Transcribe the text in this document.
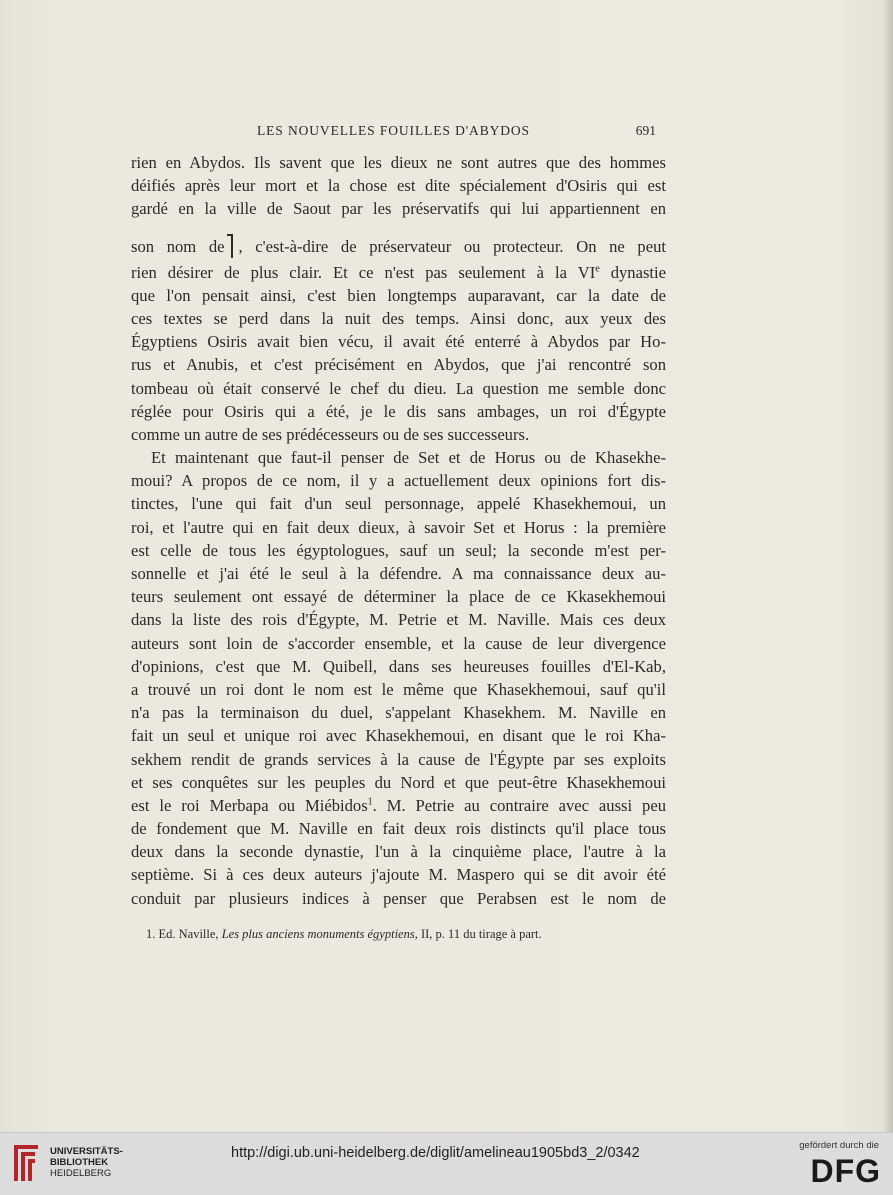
LES NOUVELLES FOUILLES D'ABYDOS	691
rien en Abydos. Ils savent que les dieux ne sont autres que des hommes
déifiés après leur mort et la chose est dite spécialement d'Osiris qui est
gardé en la ville de Saout par les préservatifs qui lui appartiennent en
son nom de , c'est-à-dire de préservateur ou protecteur. On ne peut
rien désirer de plus clair. Et ce n'est pas seulement à la VIe dynastie
que l'on pensait ainsi, c'est bien longtemps auparavant, car la date de
ces textes se perd dans la nuit des temps. Ainsi donc, aux yeux des
Égyptiens Osiris avait bien vécu, il avait été enterré à Abydos par Ho-
rus et Anubis, et c'est précisément en Abydos, que j'ai rencontré son
tombeau où était conservé le chef du dieu. La question me semble donc
réglée pour Osiris qui a été, je le dis sans ambages, un roi d'Égypte
comme un autre de ses prédécesseurs ou de ses successeurs.
Et maintenant que faut-il penser de Set et de Horus ou de Khasekhe-
moui? A propos de ce nom, il y a actuellement deux opinions fort dis-
tinctes, l'une qui fait d'un seul personnage, appelé Khasekhemoui, un
roi, et l'autre qui en fait deux dieux, à savoir Set et Horus : la première
est celle de tous les égyptologues, sauf un seul; la seconde m'est per-
sonnelle et j'ai été le seul à la défendre. A ma connaissance deux au-
teurs seulement ont essayé de déterminer la place de ce Kkasekhemoui
dans la liste des rois d'Égypte, M. Petrie et M. Naville. Mais ces deux
auteurs sont loin de s'accorder ensemble, et la cause de leur divergence
d'opinions, c'est que M. Quibell, dans ses heureuses fouilles d'El-Kab,
a trouvé un roi dont le nom est le même que Khasekhemoui, sauf qu'il
n'a pas la terminaison du duel, s'appelant Khasekhem. M. Naville en
fait un seul et unique roi avec Khasekhemoui, en disant que le roi Kha-
sekhem rendit de grands services à la cause de l'Égypte par ses exploits
et ses conquêtes sur les peuples du Nord et que peut-être Khasekhemoui
est le roi Merbapa ou Miébidos$^1$. M. Petrie au contraire avec aussi peu
de fondement que M. Naville en fait deux rois distincts qu'il place tous
deux dans la seconde dynastie, l'un à la cinquième place, l'autre à la
septième. Si à ces deux auteurs j'ajoute M. Maspero qui se dit avoir été
conduit par plusieurs indices à penser que Perabsen est le nom de
1. Ed. Naville, Les plus anciens monuments égyptiens, II, p. 11 du tirage à part.
UNIVERSITÄTS-
BIBLIOTHEK
HEIDELBERG
http://digi.ub.uni-heidelberg.de/diglit/amelineau1905bd3_2/0342	gefördert durch die
DFG
